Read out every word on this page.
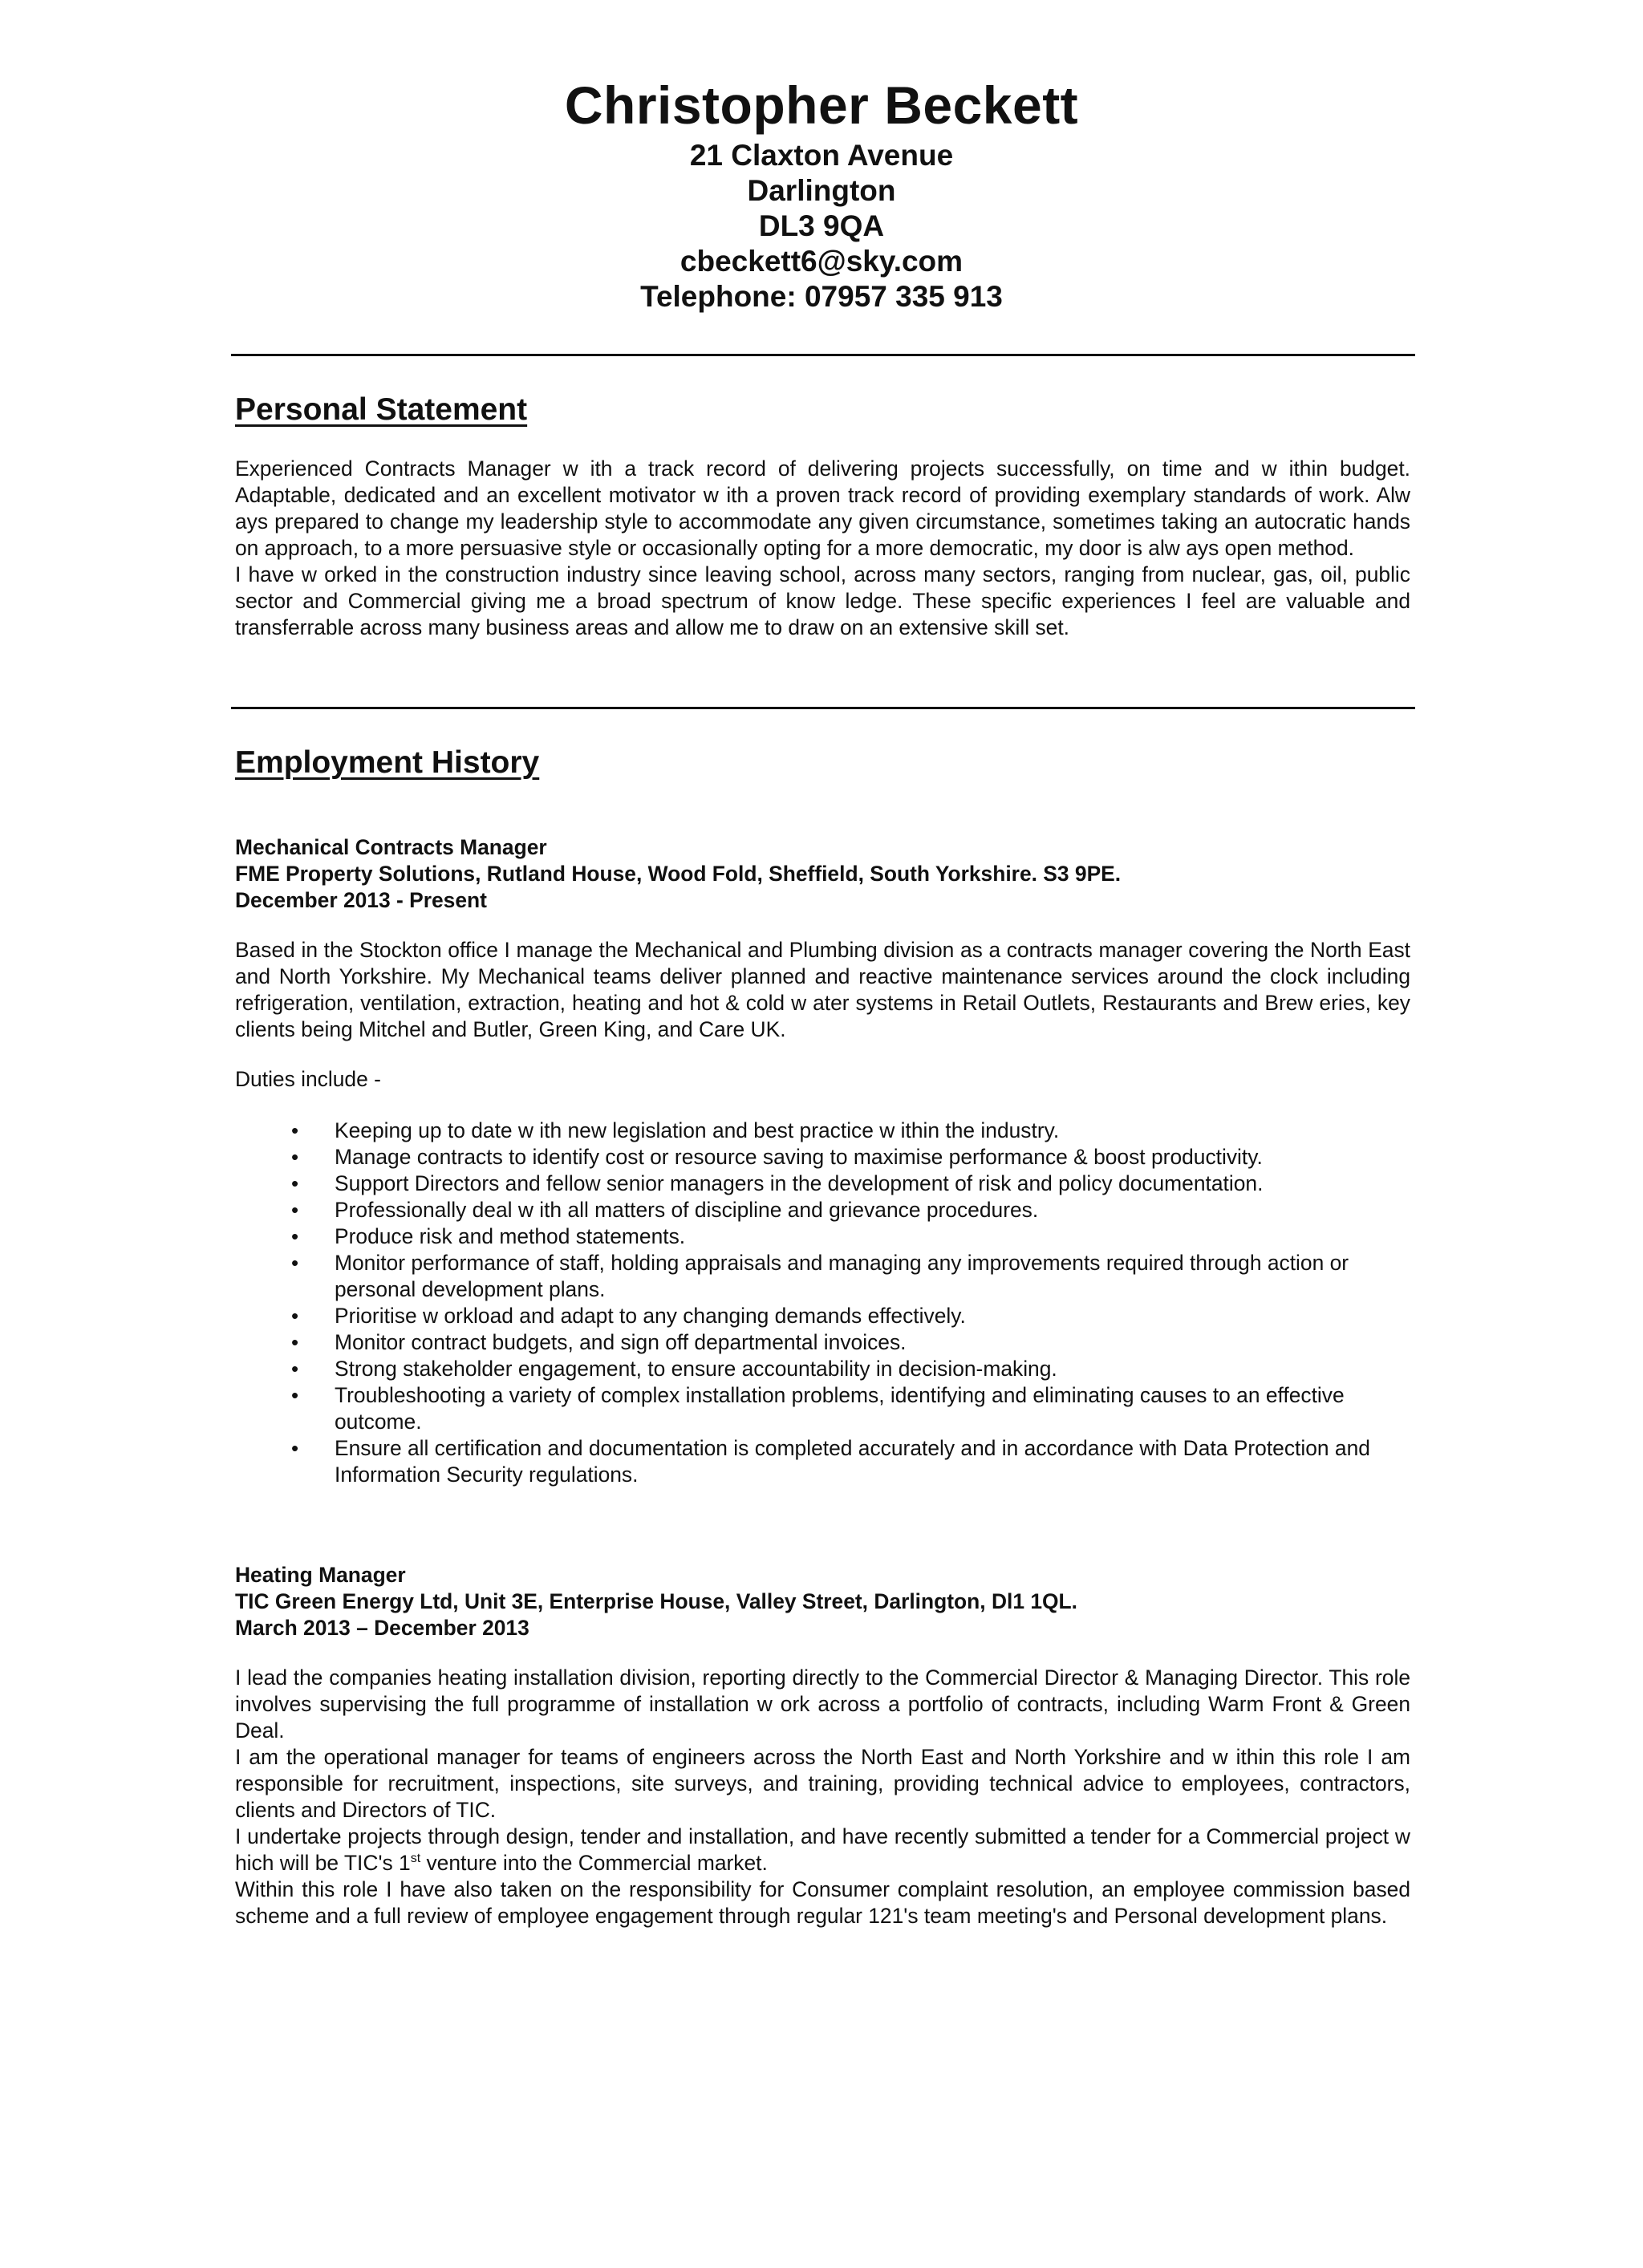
Christopher Beckett
21 Claxton Avenue
Darlington
DL3 9QA
cbeckett6@sky.com
Telephone: 07957 335 913
Personal Statement

Experienced Contracts Manager w ith a track record of delivering projects successfully, on time and w ithin budget. Adaptable, dedicated and an excellent motivator w ith a proven track record of providing exemplary standards of work. Alw ays prepared to change my leadership style to accommodate any given circumstance, sometimes taking an autocratic hands on approach, to a more persuasive style or occasionally opting for a more democratic, my door is alw ays open method.

I have w orked in the construction industry since leaving school, across many sectors, ranging from nuclear, gas, oil, public sector and Commercial giving me a broad spectrum of know ledge. These specific experiences I feel are valuable and transferrable across many business areas and allow me to draw on an extensive skill set.

Employment History
Mechanical Contracts Manager
FME Property Solutions, Rutland House, Wood Fold, Sheffield, South Yorkshire. S3 9PE.
December 2013 - Present

Based in the Stockton office I manage the Mechanical and Plumbing division as a contracts manager covering the North East and North Yorkshire. My Mechanical teams deliver planned and reactive maintenance services around the clock including refrigeration, ventilation, extraction, heating and hot & cold w ater systems in Retail Outlets, Restaurants and Brew eries, key clients being Mitchel and Butler, Green King, and Care UK.

Duties include -

• Keeping up to date w ith new legislation and best practice w ithin the industry.
• Manage contracts to identify cost or resource saving to maximise performance & boost productivity.
• Support Directors and fellow senior managers in the development of risk and policy documentation.
• Professionally deal w ith all matters of discipline and grievance procedures.
• Produce risk and method statements.
• Monitor performance of staff, holding appraisals and managing any improvements required through action or personal development plans.
• Prioritise w orkload and adapt to any changing demands effectively.
• Monitor contract budgets, and sign off departmental invoices.
• Strong stakeholder engagement, to ensure accountability in decision-making.
• Troubleshooting a variety of complex installation problems, identifying and eliminating causes to an effective outcome.
• Ensure all certification and documentation is completed accurately and in accordance with Data Protection and Information Security regulations.
Heating Manager
TIC Green Energy Ltd, Unit 3E, Enterprise House, Valley Street, Darlington, Dl1 1QL.
March 2013 – December 2013

I lead the companies heating installation division, reporting directly to the Commercial Director & Managing Director. This role involves supervising the full programme of installation w ork across a portfolio of contracts, including Warm Front & Green Deal.

I am the operational manager for teams of engineers across the North East and North Yorkshire and w ithin this role I am responsible for recruitment, inspections, site surveys, and training, providing technical advice to employees, contractors, clients and Directors of TIC.

I undertake projects through design, tender and installation, and have recently submitted a tender for a Commercial project w hich will be TIC's 1st venture into the Commercial market.

Within this role I have also taken on the responsibility for Consumer complaint resolution, an employee commission based scheme and a full review of employee engagement through regular 121's team meeting's and Personal development plans.
